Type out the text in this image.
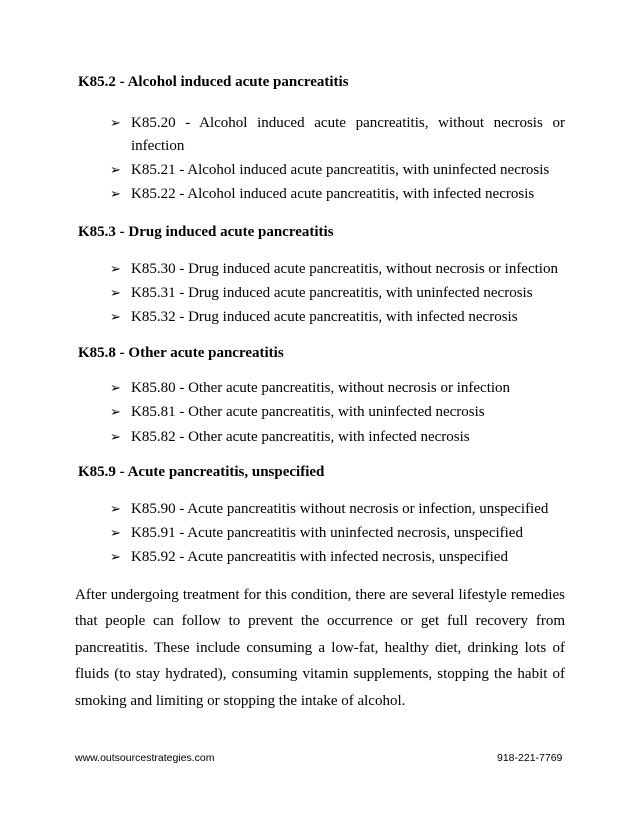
K85.2 - Alcohol induced acute pancreatitis
➢ K85.20 - Alcohol induced acute pancreatitis, without necrosis or
infection
➢ K85.21 - Alcohol induced acute pancreatitis, with uninfected necrosis
➢ K85.22 - Alcohol induced acute pancreatitis, with infected necrosis
K85.3 - Drug induced acute pancreatitis
➢ K85.30 - Drug induced acute pancreatitis, without necrosis or infection
➢ K85.31 - Drug induced acute pancreatitis, with uninfected necrosis
➢ K85.32 - Drug induced acute pancreatitis, with infected necrosis
K85.8 - Other acute pancreatitis
➢ K85.80 - Other acute pancreatitis, without necrosis or infection
➢ K85.81 - Other acute pancreatitis, with uninfected necrosis
➢ K85.82 - Other acute pancreatitis, with infected necrosis
K85.9 - Acute pancreatitis, unspecified
➢ K85.90 - Acute pancreatitis without necrosis or infection, unspecified
➢ K85.91 - Acute pancreatitis with uninfected necrosis, unspecified
➢ K85.92 - Acute pancreatitis with infected necrosis, unspecified
After undergoing treatment for this condition, there are several lifestyle remedies that people can follow to prevent the occurrence or get full recovery from pancreatitis. These include consuming a low-fat, healthy diet, drinking lots of fluids (to stay hydrated), consuming vitamin supplements, stopping the habit of smoking and limiting or stopping the intake of alcohol.
www.outsourcestrategies.com	918-221-7769
